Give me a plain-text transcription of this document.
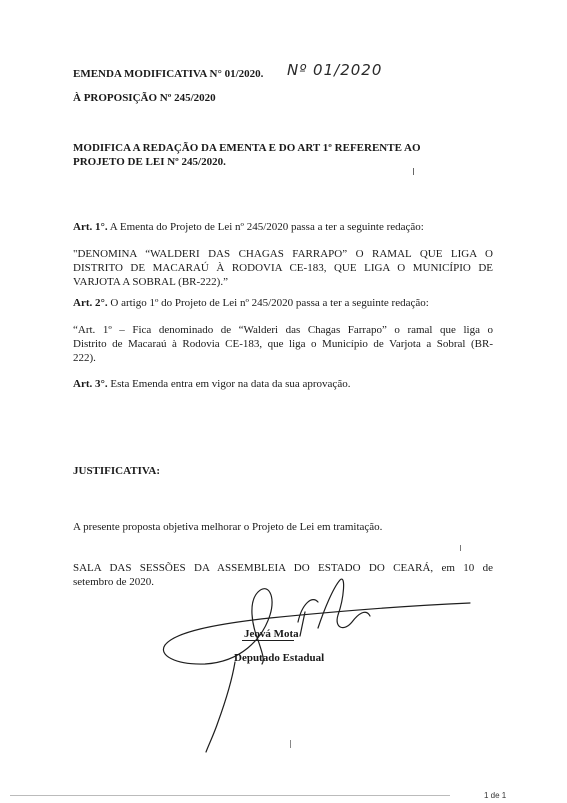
EMENDA MODIFICATIVA N° 01/2020. Nº 01/2020
À PROPOSIÇÃO Nº 245/2020
MODIFICA A REDAÇÃO DA EMENTA E DO ART 1º REFERENTE AO
PROJETO DE LEI Nº 245/2020.
Art. 1°. A Ementa do Projeto de Lei nº 245/2020 passa a ter a seguinte redação:
"DENOMINA “WALDERI DAS CHAGAS FARRAPO” O RAMAL QUE LIGA O
DISTRITO DE MACARAÚ À RODOVIA CE-183, QUE LIGA O MUNICÍPIO DE
VARJOTA A SOBRAL (BR-222).”
Art. 2°. O artigo 1º do Projeto de Lei nº 245/2020 passa a ter a seguinte redação:
“Art. 1º – Fica denominado de “Walderi das Chagas Farrapo” o ramal que liga o
Distrito de Macaraú à Rodovia CE-183, que liga o Município de Varjota a Sobral (BR-
222).
Art. 3°. Esta Emenda entra em vigor na data da sua aprovação.
JUSTIFICATIVA:
A presente proposta objetiva melhorar o Projeto de Lei em tramitação.
SALA DAS SESSÕES DA ASSEMBLEIA DO ESTADO DO CEARÁ, em 10 de
setembro de 2020.
Jeová Mota
Deputado Estadual
1 de 1
